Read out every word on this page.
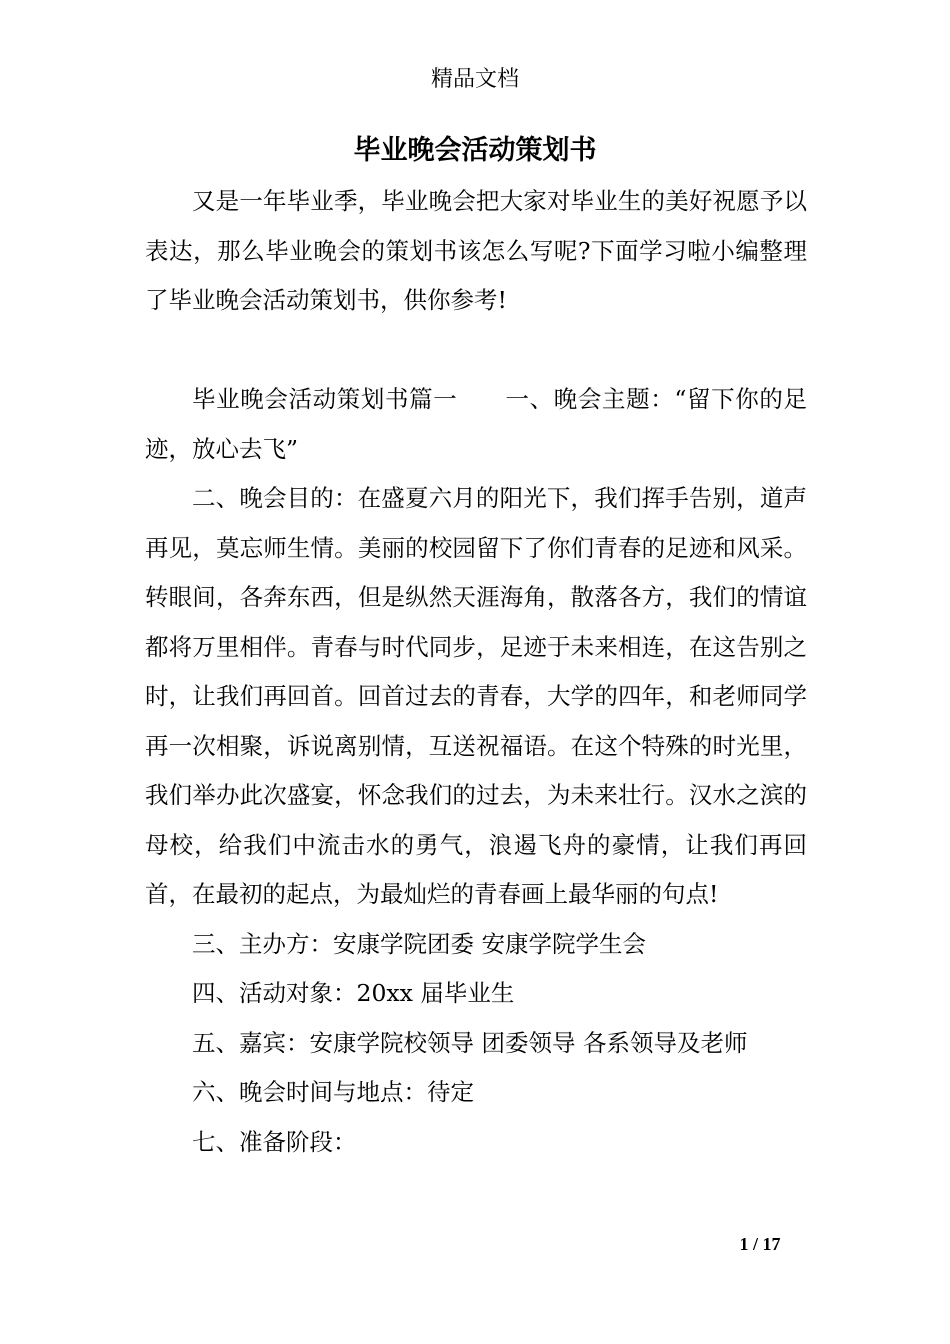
精品文档
毕业晚会活动策划书

又是一年毕业季，毕业晚会把大家对毕业生的美好祝愿予以表达，那么毕业晚会的策划书该怎么写呢?下面学习啦小编整理了毕业晚会活动策划书，供你参考!

毕业晚会活动策划书篇一　　一、晚会主题：“留下你的足迹，放心去飞”

二、晚会目的：在盛夏六月的阳光下，我们挥手告别，道声再见，莫忘师生情。美丽的校园留下了你们青春的足迹和风采。转眼间，各奔东西，但是纵然天涯海角，散落各方，我们的情谊都将万里相伴。青春与时代同步，足迹于未来相连，在这告别之时，让我们再回首。回首过去的青春，大学的四年，和老师同学再一次相聚，诉说离别情，互送祝福语。在这个特殊的时光里，我们举办此次盛宴，怀念我们的过去，为未来壮行。汉水之滨的母校，给我们中流击水的勇气，浪遏飞舟的豪情，让我们再回首，在最初的起点，为最灿烂的青春画上最华丽的句点!

三、主办方：安康学院团委 安康学院学生会

四、活动对象：20xx 届毕业生

五、嘉宾：安康学院校领导 团委领导 各系领导及老师

六、晚会时间与地点：待定

七、准备阶段：

1 / 17
